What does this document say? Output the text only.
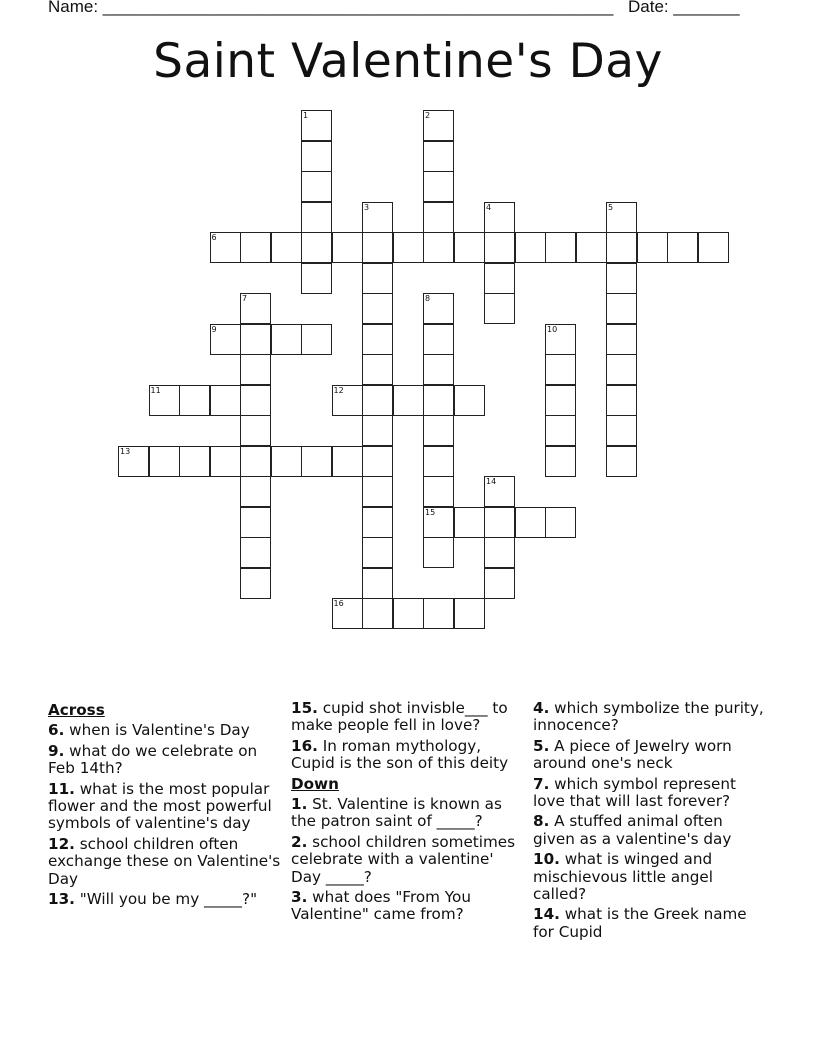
Name: ______________________________________________________ Date: _______
Saint Valentine's Day
1	2
3	4	5
6
7	8
15
9	10
11	12
13
14
16
Across
6. when is Valentine's Day
9. what do we celebrate on Feb 14th?
11. what is the most popular flower and the most powerful symbols of valentine's day
12. school children often exchange these on Valentine's Day
13. "Will you be my _____?"
15. cupid shot invisble___ to make people fell in love?
16. In roman mythology, Cupid is the son of this deity
Down
1. St. Valentine is known as the patron saint of _____?
2. school children sometimes celebrate with a valentine' Day _____?
3. what does "From You Valentine" came from?
4. which symbolize the purity, innocence?
5. A piece of Jewelry worn around one's neck
7. which symbol represent love that will last forever?
8. A stuffed animal often given as a valentine's day
10. what is winged and mischievous little angel called?
14. what is the Greek name for Cupid
